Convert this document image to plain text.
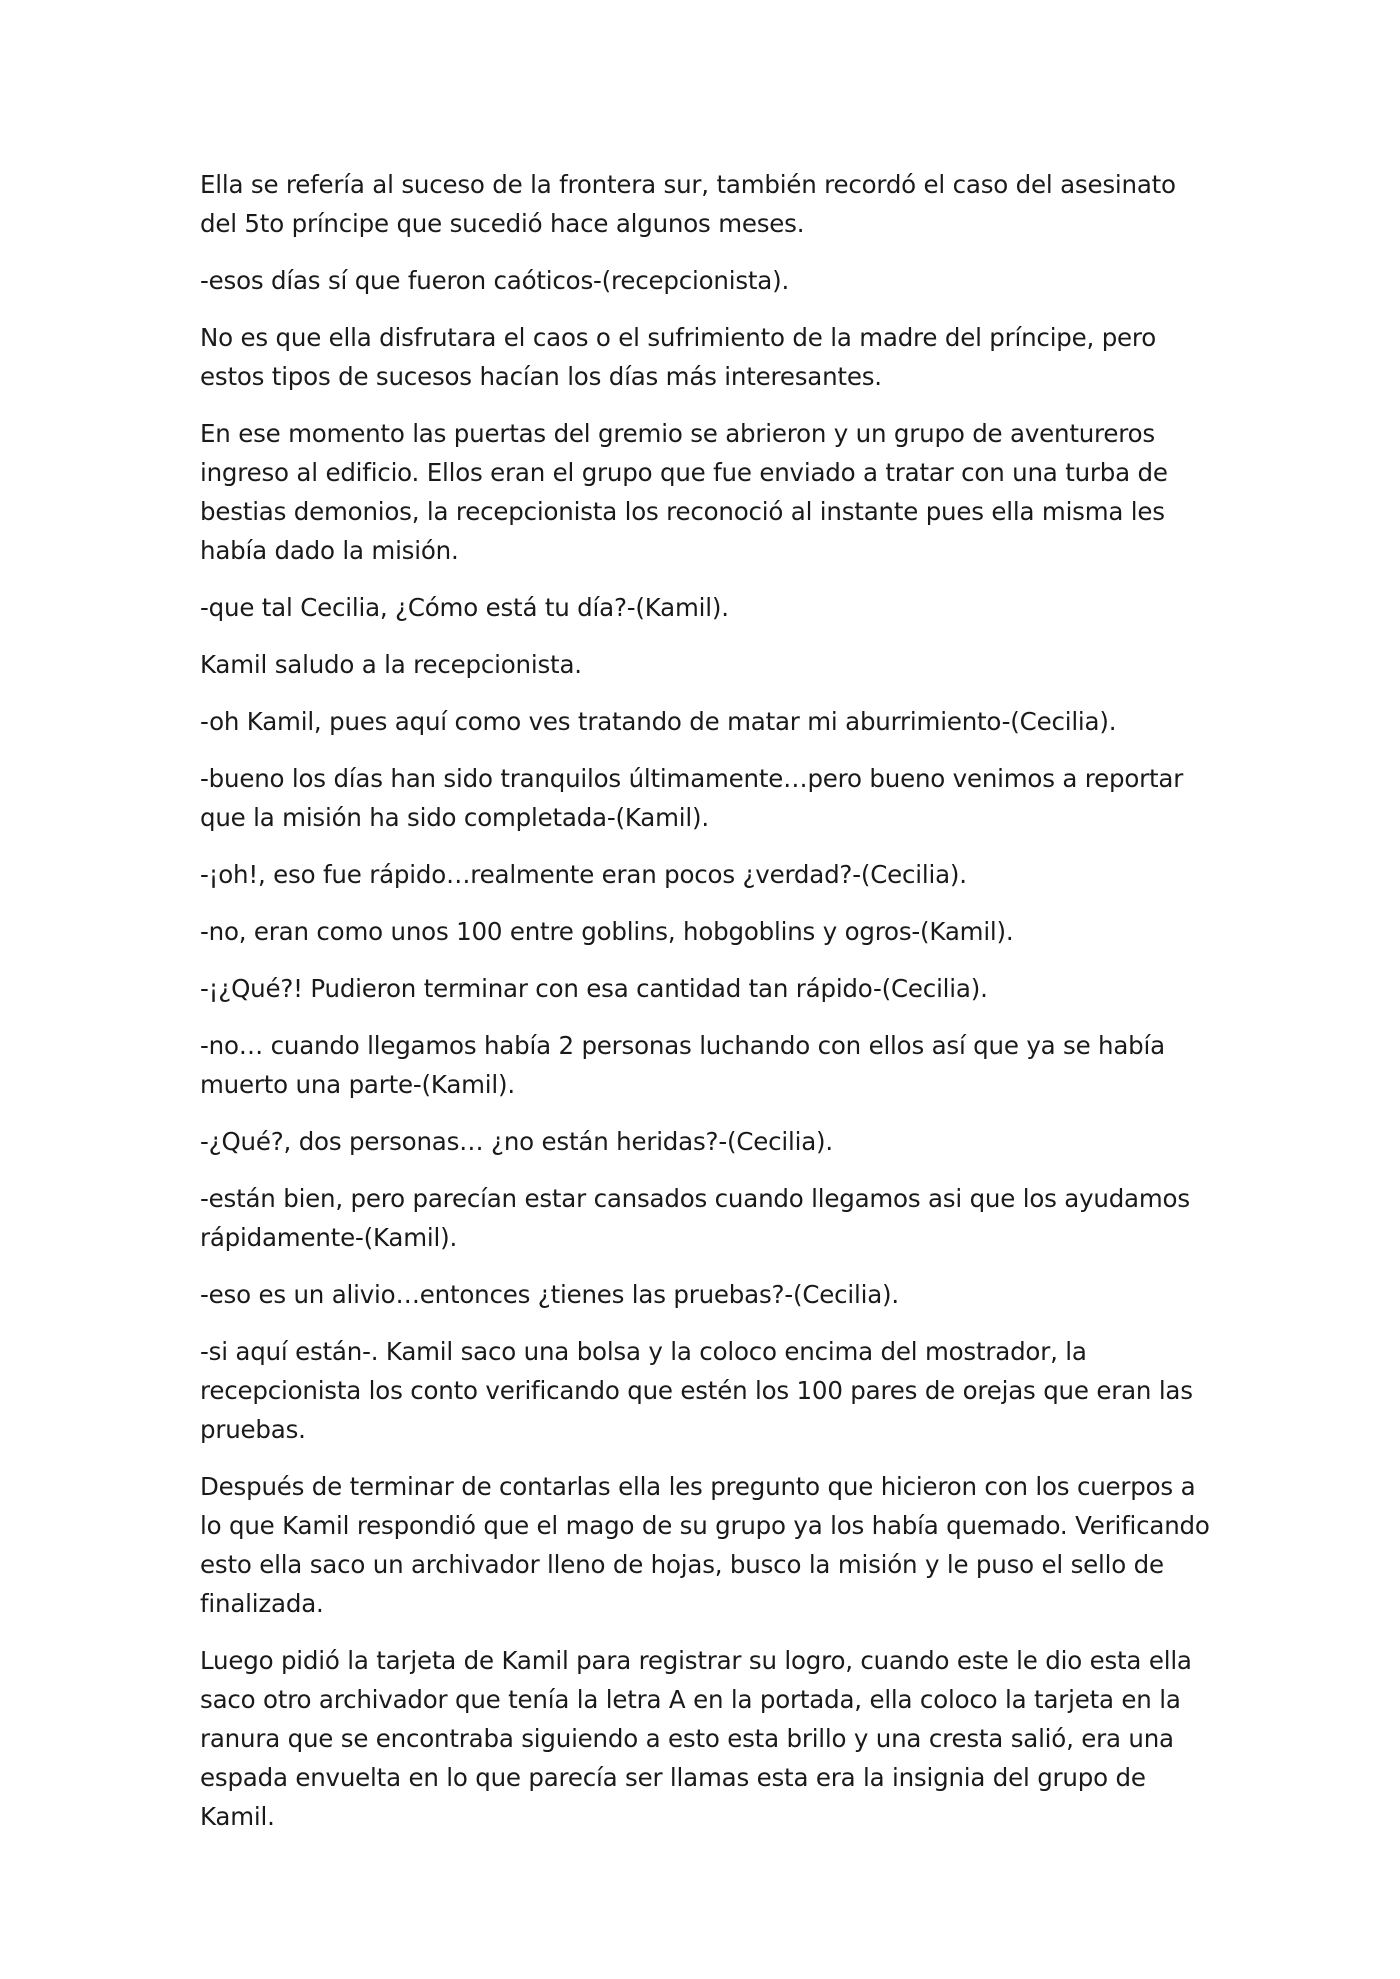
Ella se refería al suceso de la frontera sur, también recordó el caso del asesinato del 5to príncipe que sucedió hace algunos meses.

-esos días sí que fueron caóticos-(recepcionista).

No es que ella disfrutara el caos o el sufrimiento de la madre del príncipe, pero estos tipos de sucesos hacían los días más interesantes.

En ese momento las puertas del gremio se abrieron y un grupo de aventureros ingreso al edificio. Ellos eran el grupo que fue enviado a tratar con una turba de bestias demonios, la recepcionista los reconoció al instante pues ella misma les había dado la misión.

-que tal Cecilia, ¿Cómo está tu día?-(Kamil).

Kamil saludo a la recepcionista.

-oh Kamil, pues aquí como ves tratando de matar mi aburrimiento-(Cecilia).

-bueno los días han sido tranquilos últimamente…pero bueno venimos a reportar que la misión ha sido completada-(Kamil).

-¡oh!, eso fue rápido…realmente eran pocos ¿verdad?-(Cecilia).

-no, eran como unos 100 entre goblins, hobgoblins y ogros-(Kamil).

-¡¿Qué?! Pudieron terminar con esa cantidad tan rápido-(Cecilia).

-no… cuando llegamos había 2 personas luchando con ellos así que ya se había muerto una parte-(Kamil).

-¿Qué?, dos personas… ¿no están heridas?-(Cecilia).

-están bien, pero parecían estar cansados cuando llegamos asi que los ayudamos rápidamente-(Kamil).

-eso es un alivio…entonces ¿tienes las pruebas?-(Cecilia).

-si aquí están-. Kamil saco una bolsa y la coloco encima del mostrador, la recepcionista los conto verificando que estén los 100 pares de orejas que eran las pruebas.

Después de terminar de contarlas ella les pregunto que hicieron con los cuerpos a lo que Kamil respondió que el mago de su grupo ya los había quemado. Verificando esto ella saco un archivador lleno de hojas, busco la misión y le puso el sello de finalizada.

Luego pidió la tarjeta de Kamil para registrar su logro, cuando este le dio esta ella saco otro archivador que tenía la letra A en la portada, ella coloco la tarjeta en la ranura que se encontraba siguiendo a esto esta brillo y una cresta salió, era una espada envuelta en lo que parecía ser llamas esta era la insignia del grupo de Kamil.
